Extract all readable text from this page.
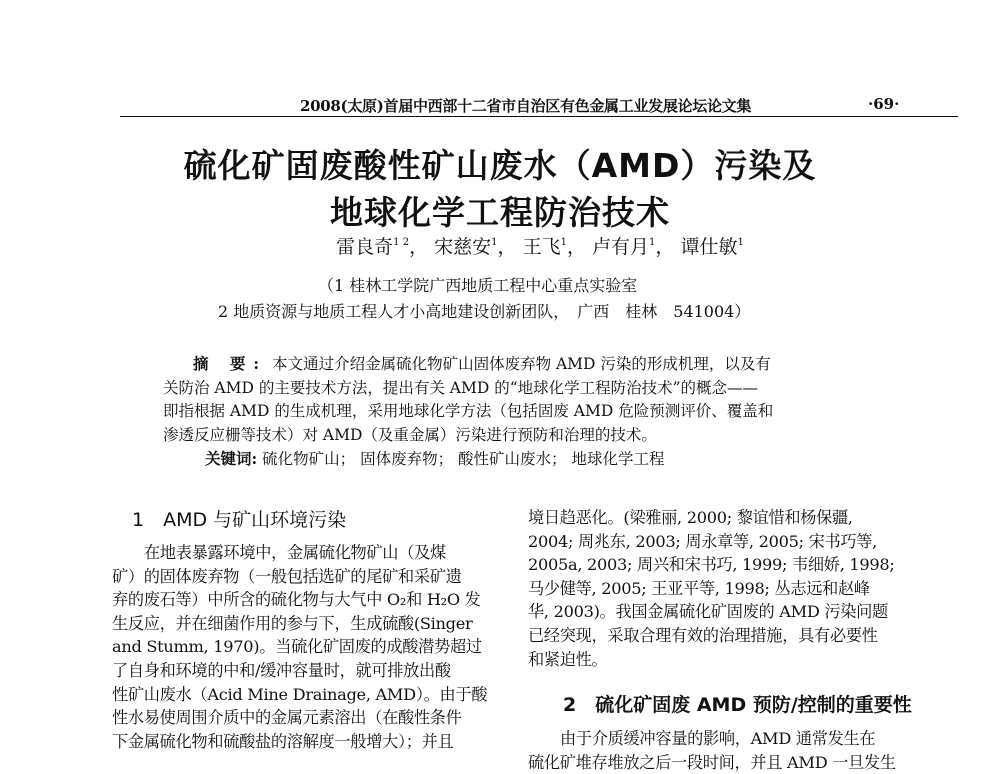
2008(太原)首届中西部十二省市自治区有色金属工业发展论坛论文集	·69·
硫化矿固废酸性矿山废水（AMD）污染及
地球化学工程防治技术
雷良奇$^{1 2}$， 宋慈安$^1$， 王飞$^1$， 卢有月$^1$， 谭仕敏$^1$
（1 桂林工学院广西地质工程中心重点实验室
2 地质资源与地质工程人才小高地建设创新团队，　广西　桂林　541004）
摘 要: 本文通过介绍金属硫化物矿山固体废弃物 AMD 污染的形成机理，以及有
关防治 AMD 的主要技术方法，提出有关 AMD 的“地球化学工程防治技术”的概念——
即指根据 AMD 的生成机理，采用地球化学方法（包括固废 AMD 危险预测评价、覆盖和
渗透反应栅等技术）对 AMD（及重金属）污染进行预防和治理的技术。
关键词: 硫化物矿山； 固体废弃物； 酸性矿山废水； 地球化学工程
1　AMD 与矿山环境污染
在地表暴露环境中，金属硫化物矿山（及煤
矿）的固体废弃物（一般包括选矿的尾矿和采矿遗
弃的废石等）中所含的硫化物与大气中 O₂和 H₂O 发
生反应，并在细菌作用的参与下，生成硫酸(Singer
and Stumm, 1970)。当硫化矿固废的成酸潜势超过
了自身和环境的中和/缓冲容量时，就可排放出酸
性矿山废水（Acid Mine Drainage, AMD）。由于酸
性水易使周围介质中的金属元素溶出（在酸性条件
下金属硫化物和硫酸盐的溶解度一般增大）；并且
境日趋恶化。(梁雅丽, 2000; 黎谊惜和杨保疆,
2004; 周兆东, 2003; 周永章等, 2005; 宋书巧等,
2005a, 2003; 周兴和宋书巧, 1999; 韦细娇, 1998;
马少健等, 2005; 王亚平等, 1998; 丛志远和赵峰
华, 2003)。我国金属硫化矿固废的 AMD 污染问题
已经突现，采取合理有效的治理措施，具有必要性
和紧迫性。
2　硫化矿固废 AMD 预防/控制的重要性
由于介质缓冲容量的影响，AMD 通常发生在
硫化矿堆存堆放之后一段时间，并且 AMD 一旦发生
